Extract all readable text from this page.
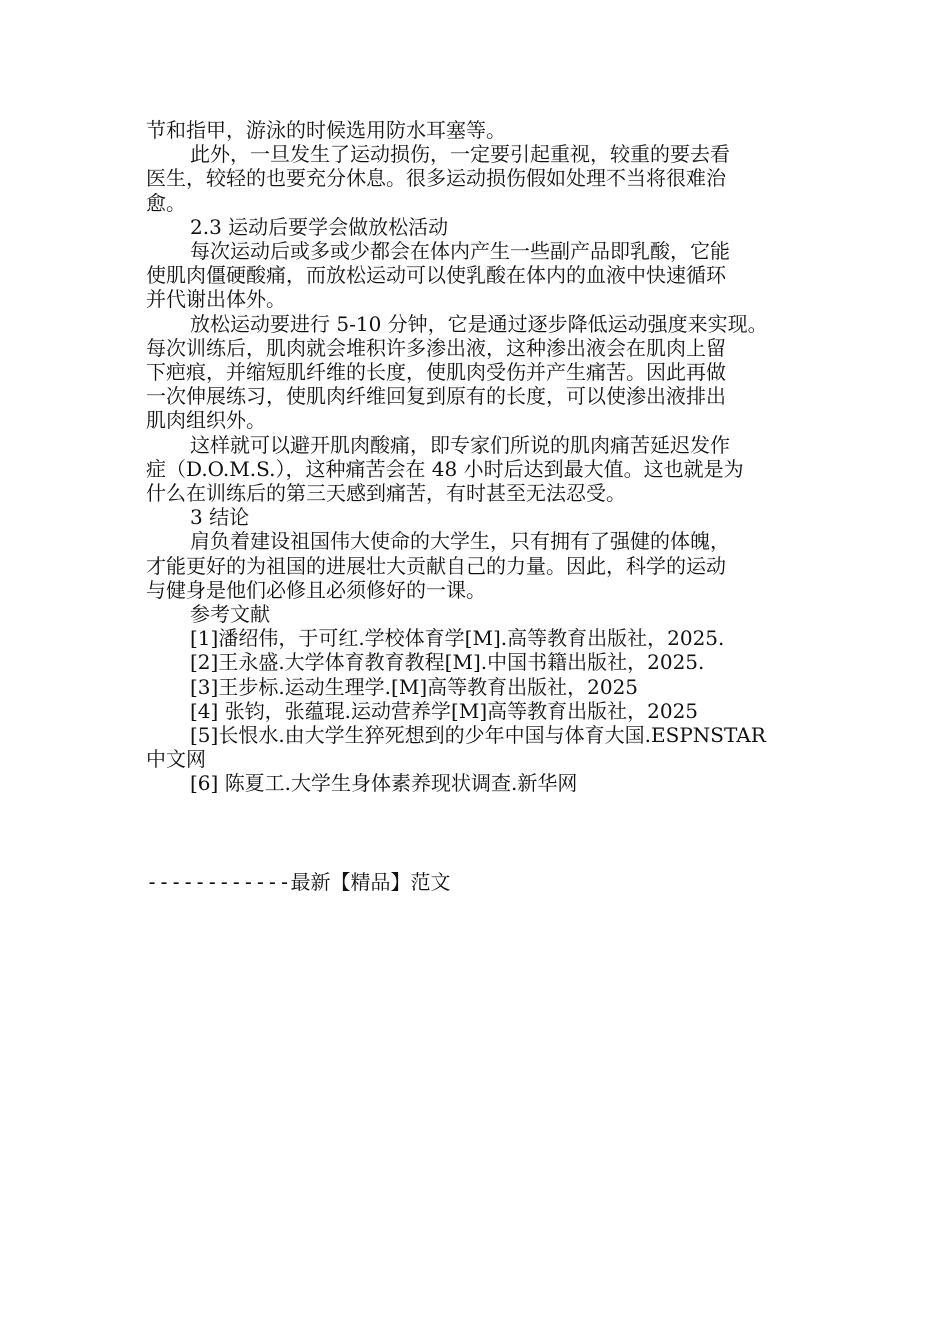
节和指甲，游泳的时候选用防水耳塞等。

此外，一旦发生了运动损伤，一定要引起重视，较重的要去看

医生，较轻的也要充分休息。很多运动损伤假如处理不当将很难治

愈。

2.3 运动后要学会做放松活动

每次运动后或多或少都会在体内产生一些副产品即乳酸，它能

使肌肉僵硬酸痛，而放松运动可以使乳酸在体内的血液中快速循环

并代谢出体外。

放松运动要进行 5-10 分钟，它是通过逐步降低运动强度来实现。

每次训练后，肌肉就会堆积许多渗出液，这种渗出液会在肌肉上留

下疤痕，并缩短肌纤维的长度，使肌肉受伤并产生痛苦。因此再做

一次伸展练习，使肌肉纤维回复到原有的长度，可以使渗出液排出

肌肉组织外。

这样就可以避开肌肉酸痛，即专家们所说的肌肉痛苦延迟发作

症（D.O.M.S.），这种痛苦会在 48 小时后达到最大值。这也就是为

什么在训练后的第三天感到痛苦，有时甚至无法忍受。

3 结论

肩负着建设祖国伟大使命的大学生，只有拥有了强健的体魄，

才能更好的为祖国的进展壮大贡献自己的力量。因此，科学的运动

与健身是他们必修且必须修好的一课。

参考文献

[1]潘绍伟，于可红.学校体育学[M].高等教育出版社，2025.

[2]王永盛.大学体育教育教程[M].中国书籍出版社，2025.

[3]王步标.运动生理学.[M]高等教育出版社，2025

[4] 张钧，张蕴琨.运动营养学[M]高等教育出版社，2025

[5]长恨水.由大学生猝死想到的少年中国与体育大国.ESPNSTAR

中文网

[6] 陈夏工.大学生身体素养现状调查.新华网

------------最新【精品】范文
